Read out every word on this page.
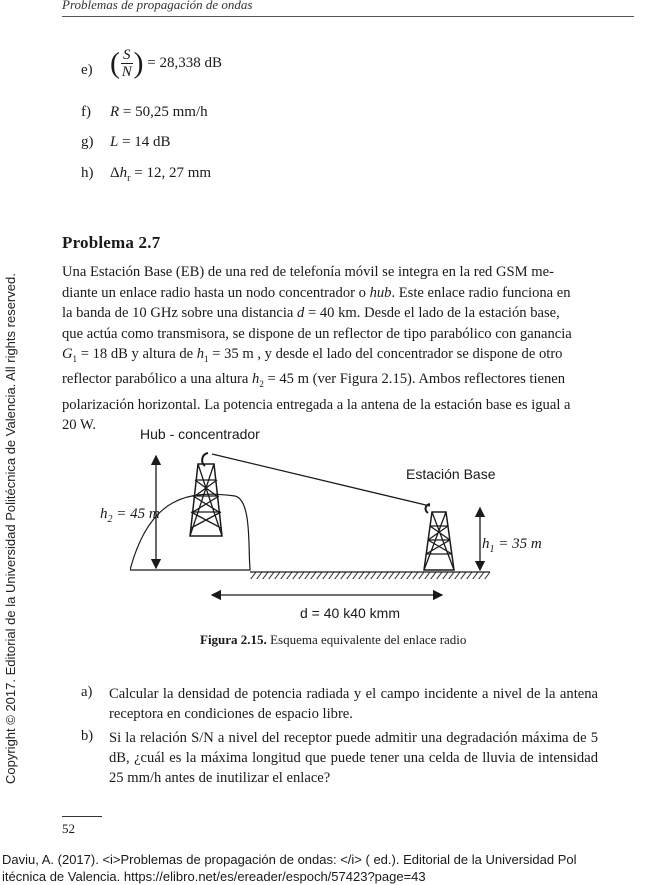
Problemas de propagación de ondas
Copyright © 2017. Editorial de la Universidad Politécnica de Valencia. All rights reserved.
e) ( $\frac{S}{N}$ ) = 28,338 dB
f) R = 50,25 mm/h
g) L = 14 dB
h) $\Delta h_r = 12$, 27 mm
Problema 2.7
Una Estación Base (EB) de una red de telefonía móvil se integra en la red GSM me-
diante un enlace radio hasta un nodo concentrador o hub. Este enlace radio funciona en
la banda de 10 GHz sobre una distancia d = 40 km. Desde el lado de la estación base,
que actúa como transmisora, se dispone de un reflector de tipo parabólico con ganancia
$G_1 = 18$ dB y altura de $h_1 = 35$ m , y desde el lado del concentrador se dispone de otro
reflector parabólico a una altura $h_2 = 45$ m (ver Figura 2.15). Ambos reflectores tienen
polarización horizontal. La potencia entregada a la antena de la estación base es igual a
20 W.
Hub - concentrador
Estación Base
$h_2 = 45$ m
$h_1 = 35$ m
d = 40 k40 kmm
Figura 2.15. Esquema equivalente del enlace radio
a) Calcular la densidad de potencia radiada y el campo incidente a nivel de la antena receptora en condiciones de espacio libre.
b) Si la relación S/N a nivel del receptor puede admitir una degradación máxima de 5 dB, ¿cuál es la máxima longitud que puede tener una celda de lluvia de intensidad 25 mm/h antes de inutilizar el enlace?
52
Daviu, A. (2017). <i>Problemas de propagación de ondas: </i> ( ed.). Editorial de la Universidad Pol
itécnica de Valencia. https://elibro.net/es/ereader/espoch/57423?page=43
